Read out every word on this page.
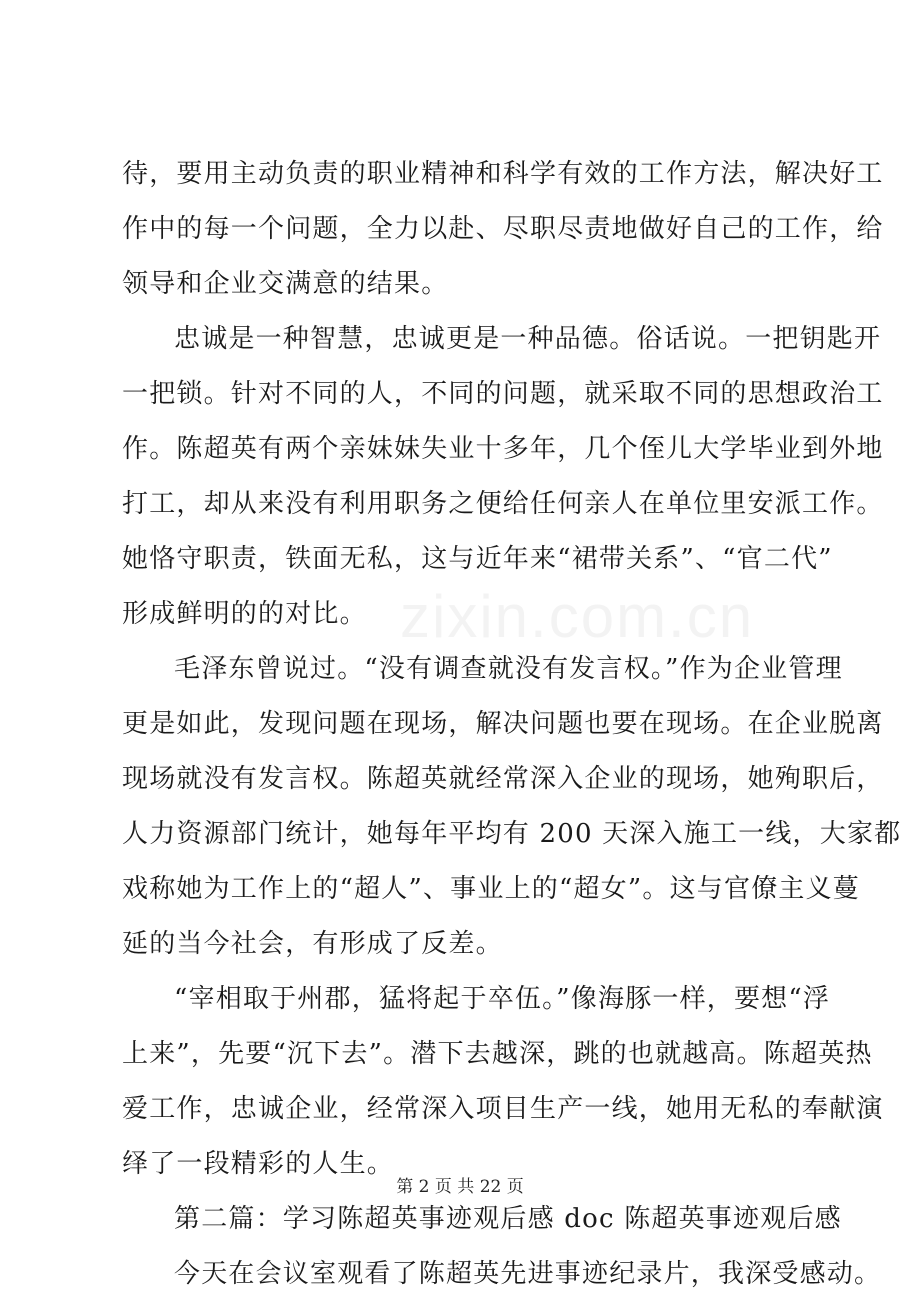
待，要用主动负责的职业精神和科学有效的工作方法，解决好工
作中的每一个问题，全力以赴、尽职尽责地做好自己的工作，给
领导和企业交满意的结果。
忠诚是一种智慧，忠诚更是一种品德。俗话说。一把钥匙开
一把锁。针对不同的人，不同的问题，就采取不同的思想政治工
作。陈超英有两个亲妹妹失业十多年，几个侄儿大学毕业到外地
打工，却从来没有利用职务之便给任何亲人在单位里安派工作。
她恪守职责，铁面无私，这与近年来“裙带关系”、“官二代”
形成鲜明的的对比。
毛泽东曾说过。“没有调查就没有发言权。”作为企业管理
更是如此，发现问题在现场，解决问题也要在现场。在企业脱离
现场就没有发言权。陈超英就经常深入企业的现场，她殉职后，
人力资源部门统计，她每年平均有 200 天深入施工一线，大家都
戏称她为工作上的“超人”、事业上的“超女”。这与官僚主义蔓
延的当今社会，有形成了反差。
“宰相取于州郡，猛将起于卒伍。”像海豚一样，要想“浮
上来”，先要“沉下去”。潜下去越深，跳的也就越高。陈超英热
爱工作，忠诚企业，经常深入项目生产一线，她用无私的奉献演
绎了一段精彩的人生。
第二篇：学习陈超英事迹观后感 doc 陈超英事迹观后感
今天在会议室观看了陈超英先进事迹纪录片，我深受感动。
zixin.com.cn
第 2 页 共 22 页
